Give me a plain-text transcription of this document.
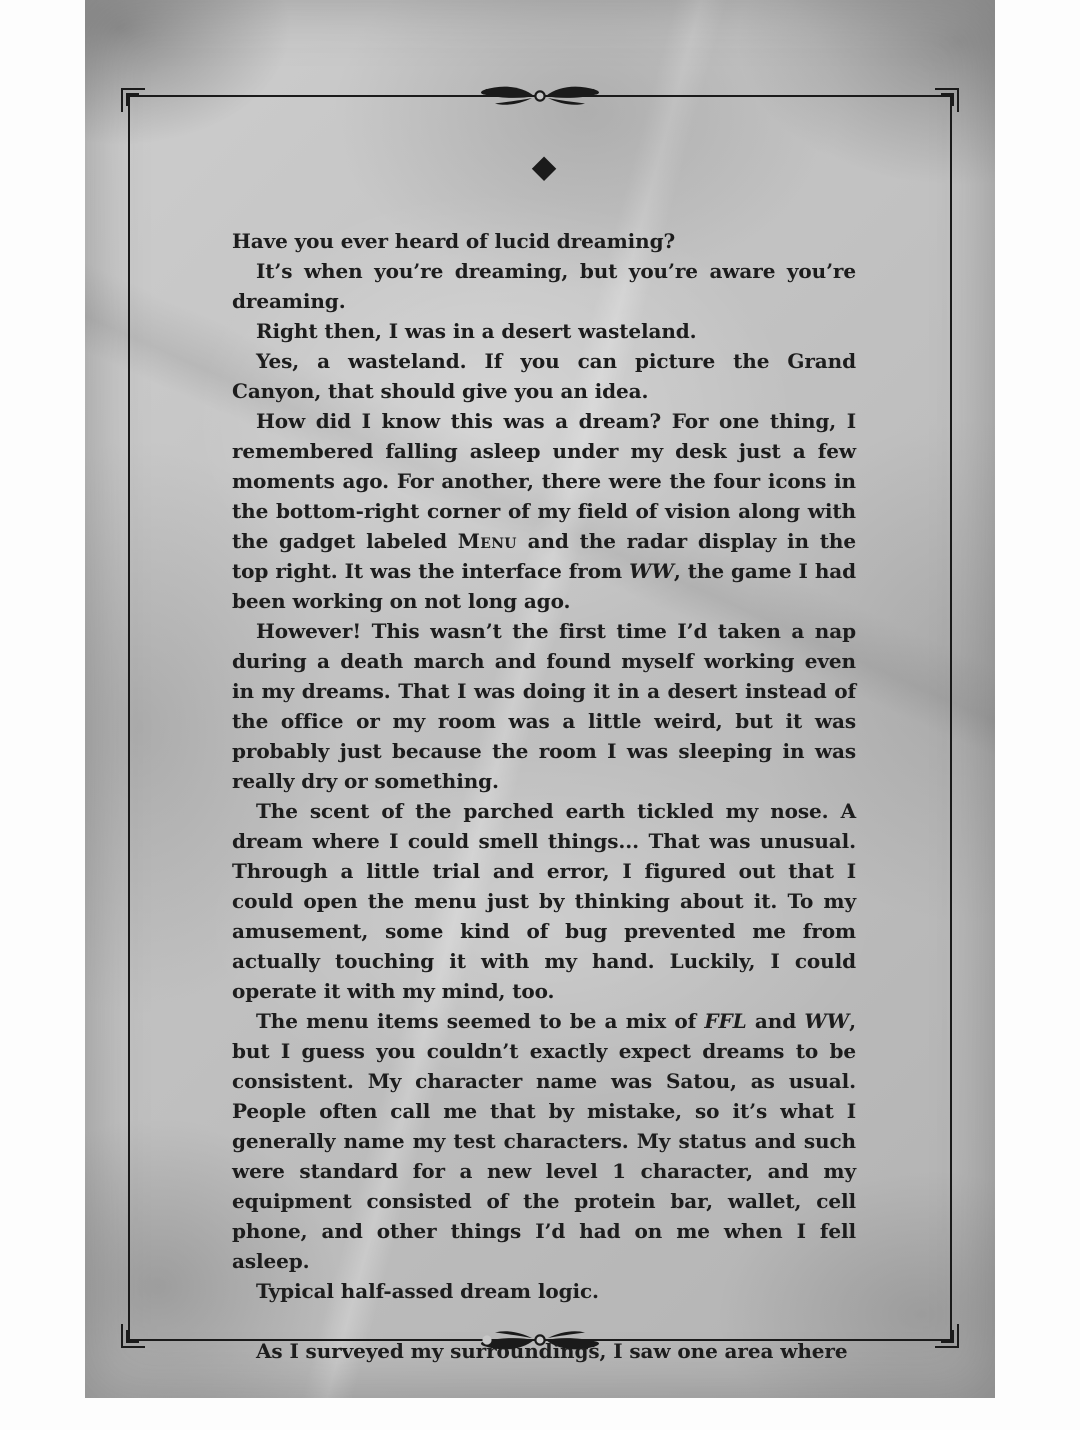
◆

Have you ever heard of lucid dreaming?

It’s when you’re dreaming, but you’re aware you’re dreaming.

Right then, I was in a desert wasteland.

Yes, a wasteland. If you can picture the Grand Canyon, that should give you an idea.

How did I know this was a dream? For one thing, I remembered falling asleep under my desk just a few moments ago. For another, there were the four icons in the bottom-right corner of my field of vision along with the gadget labeled Menu and the radar display in the top right. It was the interface from WW, the game I had been working on not long ago.

However! This wasn’t the first time I’d taken a nap during a death march and found myself working even in my dreams. That I was doing it in a desert instead of the office or my room was a little weird, but it was probably just because the room I was sleeping in was really dry or something.

The scent of the parched earth tickled my nose. A dream where I could smell things... That was unusual. Through a little trial and error, I figured out that I could open the menu just by thinking about it. To my amusement, some kind of bug prevented me from actually touching it with my hand. Luckily, I could operate it with my mind, too.

The menu items seemed to be a mix of FFL and WW, but I guess you couldn’t exactly expect dreams to be consistent. My character name was Satou, as usual. People often call me that by mistake, so it’s what I generally name my test characters. My status and such were standard for a new level 1 character, and my equipment consisted of the protein bar, wallet, cell phone, and other things I’d had on me when I fell asleep.

Typical half-assed dream logic.

As I surveyed my surroundings, I saw one area where
